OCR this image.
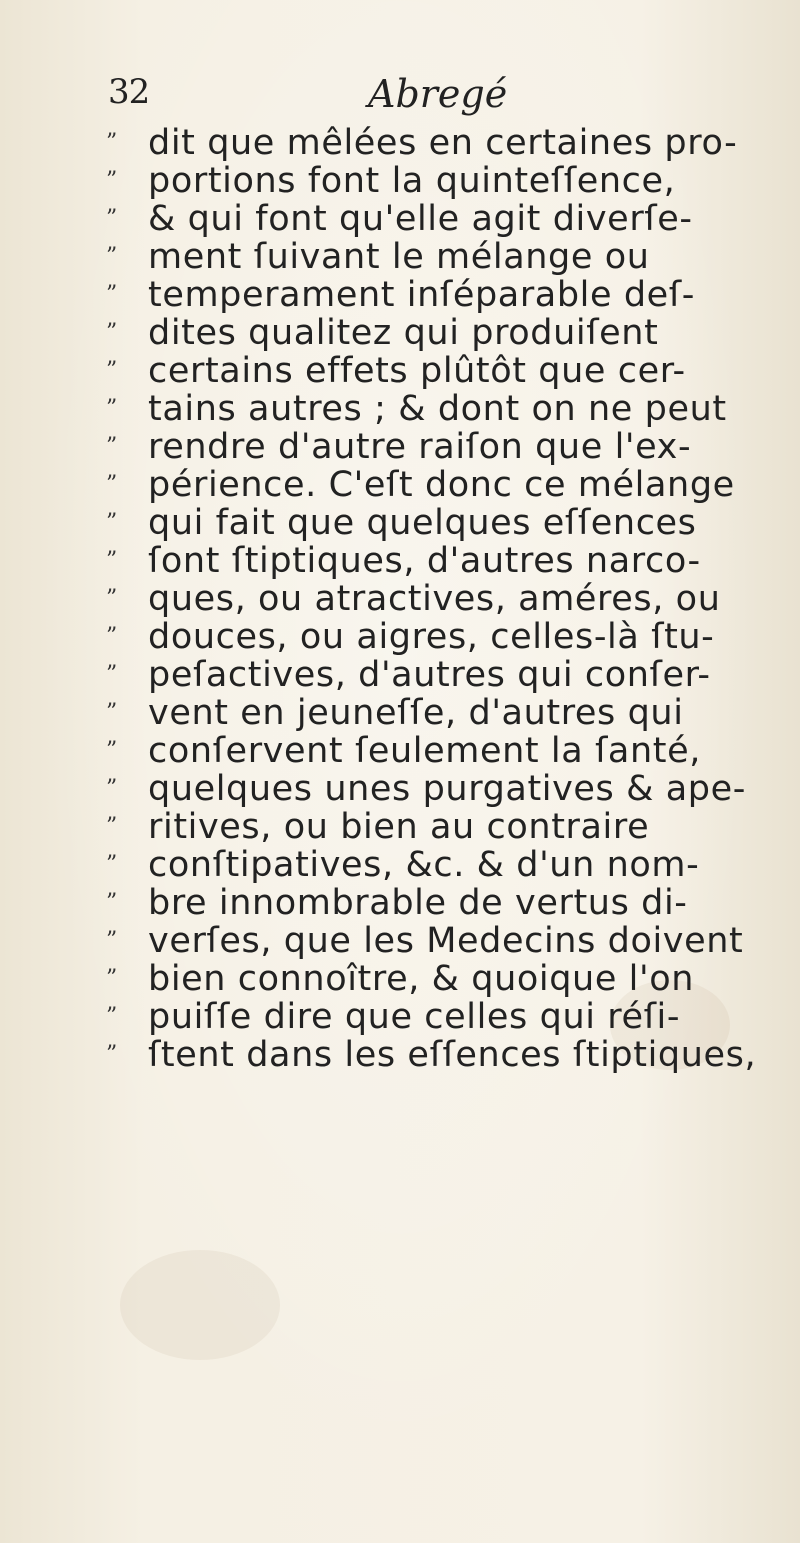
32	Abregé
” dit que mêlées en certaines pro-
” portions font la quinteſſence,
” & qui font qu'elle agit diverſe-
” ment ſuivant le mélange ou
” temperament inſéparable deſ-
” dites qualitez qui produiſent
” certains effets plûtôt que cer-
” tains autres ; & dont on ne peut
” rendre d'autre raiſon que l'ex-
” périence. C'eſt donc ce mélange
” qui fait que quelques eſſences
” ſont ſtiptiques, d'autres narco-
” ques, ou atractives, améres, ou
” douces, ou aigres, celles-là ſtu-
” peſactives, d'autres qui conſer-
” vent en jeuneſſe, d'autres qui
” conſervent ſeulement la ſanté,
” quelques unes purgatives & ape-
” ritives, ou bien au contraire
” conſtipatives, &c. & d'un nom-
” bre innombrable de vertus di-
” verſes, que les Medecins doivent
” bien connoître, & quoique l'on
” puiſſe dire que celles qui réſi-
” ſtent dans les eſſences ſtiptiques,
